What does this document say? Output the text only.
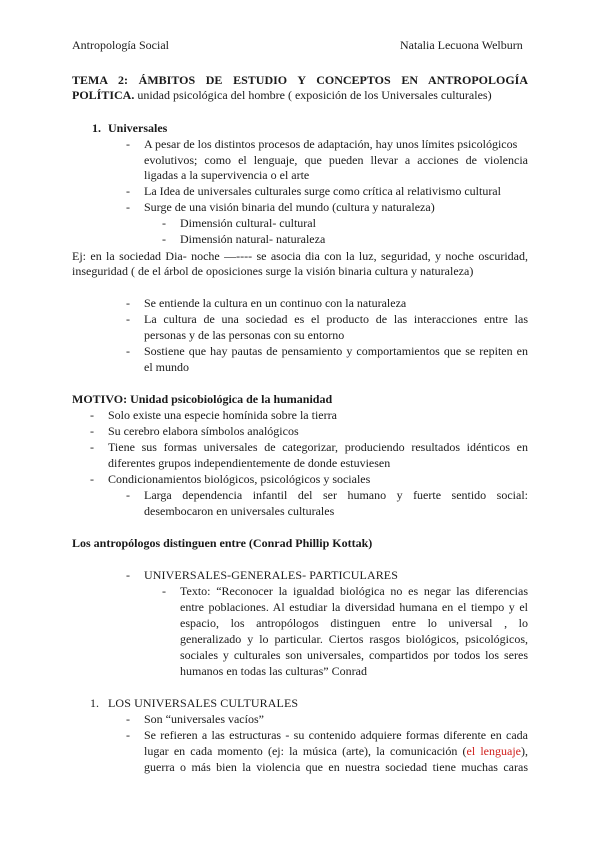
Antropología Social	Natalia Lecuona Welburn
TEMA 2: ÁMBITOS DE ESTUDIO Y CONCEPTOS EN ANTROPOLOGÍA
POLÍTICA. unidad psicológica del hombre ( exposición de los Universales culturales)
1. Universales
- A pesar de los distintos procesos de adaptación, hay unos límites psicológicos
evolutivos; como el lenguaje, que pueden llevar a acciones de violencia
ligadas a la supervivencia o el arte
- La Idea de universales culturales surge como crítica al relativismo cultural
- Surge de una visión binaria del mundo (cultura y naturaleza)
- Dimensión cultural- cultural
- Dimensión natural- naturaleza
Ej: en la sociedad Dia- noche —---- se asocia dia con la luz, seguridad, y noche oscuridad,
inseguridad ( de el árbol de oposiciones surge la visión binaria cultura y naturaleza)
- Se entiende la cultura en un continuo con la naturaleza
- La cultura de una sociedad es el producto de las interacciones entre las
personas y de las personas con su entorno
- Sostiene que hay pautas de pensamiento y comportamientos que se repiten en
el mundo
MOTIVO: Unidad psicobiológica de la humanidad
- Solo existe una especie homínida sobre la tierra
- Su cerebro elabora símbolos analógicos
- Tiene sus formas universales de categorizar, produciendo resultados idénticos en
diferentes grupos independientemente de donde estuviesen
- Condicionamientos biológicos, psicológicos y sociales
- Larga dependencia infantil del ser humano y fuerte sentido social:
desembocaron en universales culturales
Los antropólogos distinguen entre (Conrad Phillip Kottak)
- UNIVERSALES-GENERALES- PARTICULARES
- Texto: “Reconocer la igualdad biológica no es negar las diferencias
entre poblaciones. Al estudiar la diversidad humana en el tiempo y el
espacio, los antropólogos distinguen entre lo universal , lo
generalizado y lo particular. Ciertos rasgos biológicos, psicológicos,
sociales y culturales son universales, compartidos por todos los seres
humanos en todas las culturas” Conrad
1. LOS UNIVERSALES CULTURALES
- Son “universales vacíos”
- Se refieren a las estructuras - su contenido adquiere formas diferente en cada
lugar en cada momento (ej: la música (arte), la comunicación (el lenguaje),
guerra o más bien la violencia que en nuestra sociedad tiene muchas caras
